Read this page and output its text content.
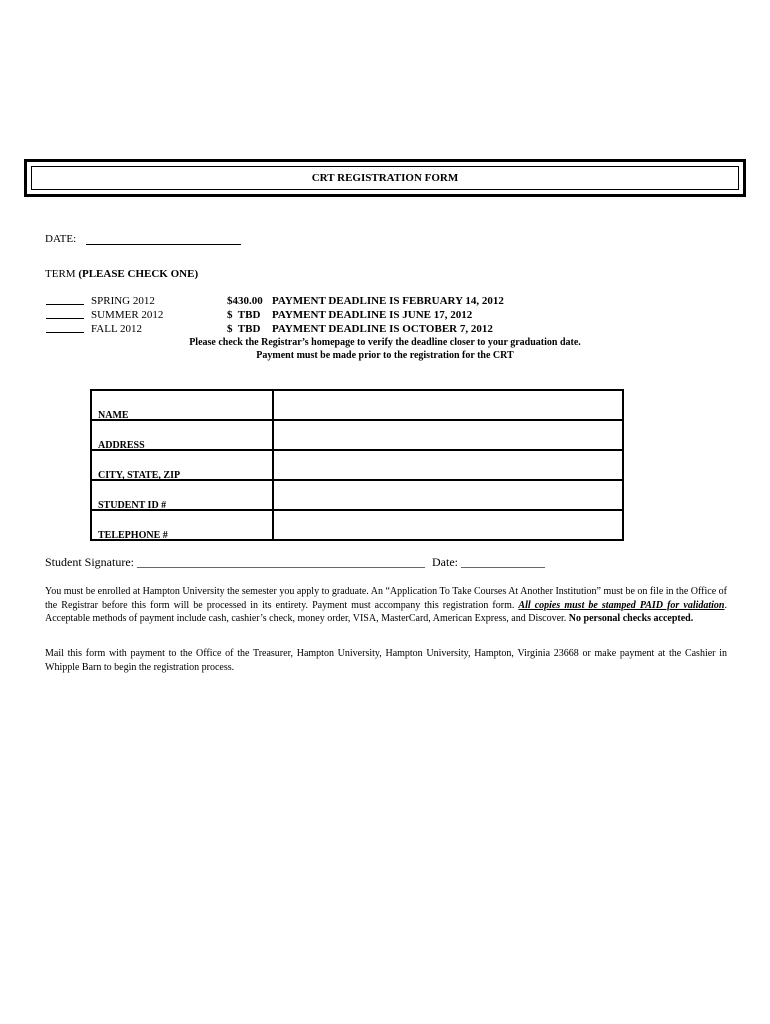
CRT REGISTRATION FORM
DATE:
TERM (PLEASE CHECK ONE)
SPRING 2012	$430.00 PAYMENT DEADLINE IS FEBRUARY 14, 2012
SUMMER 2012	$  TBD PAYMENT DEADLINE IS JUNE 17, 2012
FALL 2012	$  TBD PAYMENT DEADLINE IS OCTOBER 7, 2012
Please check the Registrar’s homepage to verify the deadline closer to your graduation date.
Payment must be made prior to the registration for the CRT
NAME	

ADDRESS	

CITY, STATE, ZIP	

STUDENT ID #	

TELEPHONE #	

Student Signature: ________________________________________________ Date: ______________

You must be enrolled at Hampton University the semester you apply to graduate. An “Application To Take Courses At Another Institution” must be on file in the Office of the Registrar before this form will be processed in its entirety. Payment must accompany this registration form. All copies must be stamped PAID for validation. Acceptable methods of payment include cash, cashier’s check, money order, VISA, MasterCard, American Express, and Discover. No personal checks accepted.

Mail this form with payment to the Office of the Treasurer, Hampton University, Hampton University, Hampton, Virginia 23668 or make payment at the Cashier in Whipple Barn to begin the registration process.
